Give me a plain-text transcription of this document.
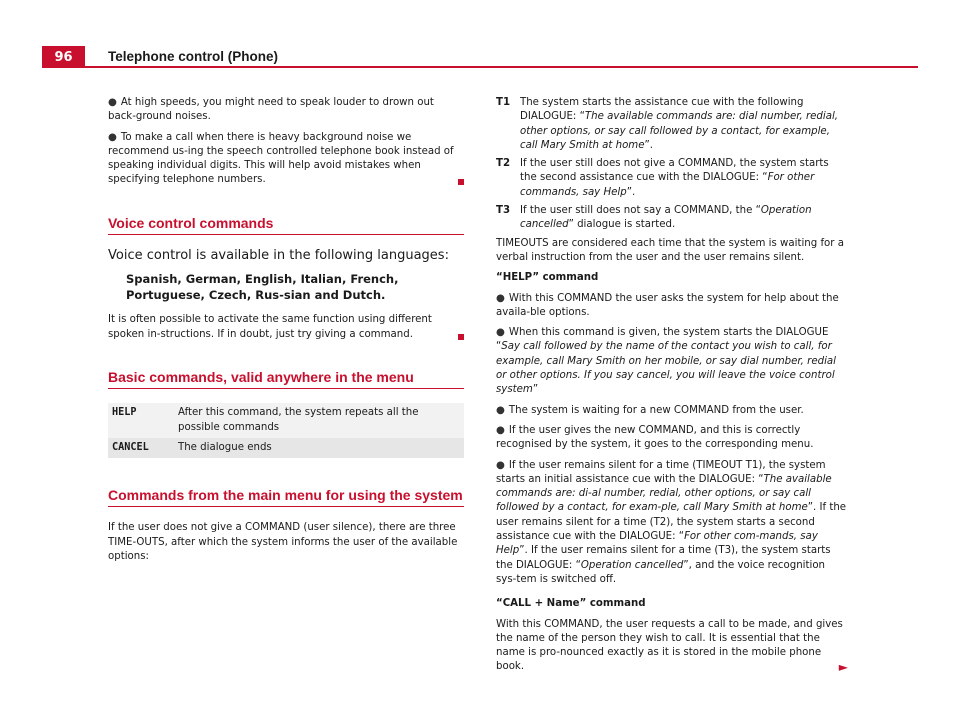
96	Telephone control (Phone)

● At high speeds, you might need to speak louder to drown out back-ground noises.

● To make a call when there is heavy background noise we recommend us-ing the speech controlled telephone book instead of speaking individual digits. This will help avoid mistakes when specifying telephone numbers.

Voice control commands
Voice control is available in the following languages:
Spanish, German, English, Italian, French, Portuguese, Czech, Rus-sian and Dutch.

It is often possible to activate the same function using different spoken in-structions. If in doubt, just try giving a command.

Basic commands, valid anywhere in the menu
HELP	After this command, the system repeats all the possible commands
CANCEL	The dialogue ends
Commands from the main menu for using the system

If the user does not give a COMMAND (user silence), there are three TIME-OUTS, after which the system informs the user of the available options:

T1 The system starts the assistance cue with the following DIALOGUE: “The available commands are: dial number, redial, other options, or say call followed by a contact, for example, call Mary Smith at home”.
T2 If the user still does not give a COMMAND, the system starts the second assistance cue with the DIALOGUE: “For other commands, say Help”.
T3 If the user still does not say a COMMAND, the “Operation cancelled” dialogue is started.

TIMEOUTS are considered each time that the system is waiting for a verbal instruction from the user and the user remains silent.

“HELP” command

● With this COMMAND the user asks the system for help about the availa-ble options.

● When this command is given, the system starts the DIALOGUE “Say call followed by the name of the contact you wish to call, for example, call Mary Smith on her mobile, or say dial number, redial or other options. If you say cancel, you will leave the voice control system”

● The system is waiting for a new COMMAND from the user.

● If the user gives the new COMMAND, and this is correctly recognised by the system, it goes to the corresponding menu.

● If the user remains silent for a time (TIMEOUT T1), the system starts an initial assistance cue with the DIALOGUE: “The available commands are: di-al number, redial, other options, or say call followed by a contact, for exam-ple, call Mary Smith at home”. If the user remains silent for a time (T2), the system starts a second assistance cue with the DIALOGUE: “For other com-mands, say Help”. If the user remains silent for a time (T3), the system starts the DIALOGUE: “Operation cancelled”, and the voice recognition sys-tem is switched off.

“CALL + Name” command

With this COMMAND, the user requests a call to be made, and gives the name of the person they wish to call. It is essential that the name is pro-nounced exactly as it is stored in the mobile phone book.	►
